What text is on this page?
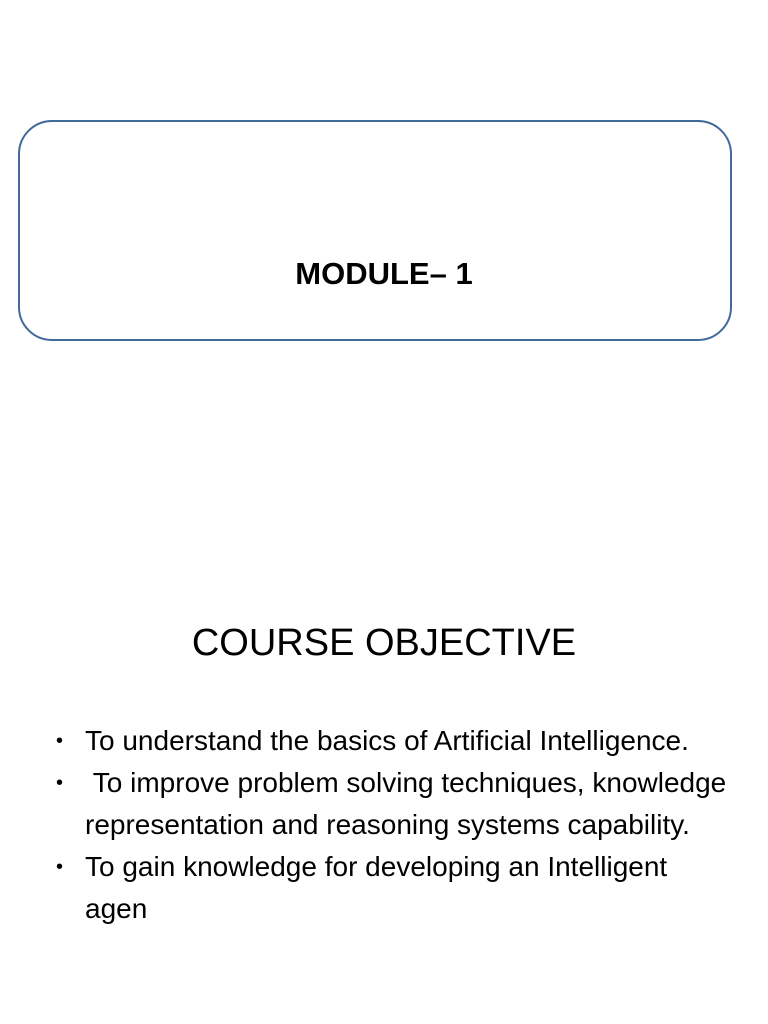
MODULE– 1
COURSE OBJECTIVE
• To understand the basics of Artificial Intelligence.
• To improve problem solving techniques, knowledge representation and reasoning systems capability.
• To gain knowledge for developing an Intelligent agen
